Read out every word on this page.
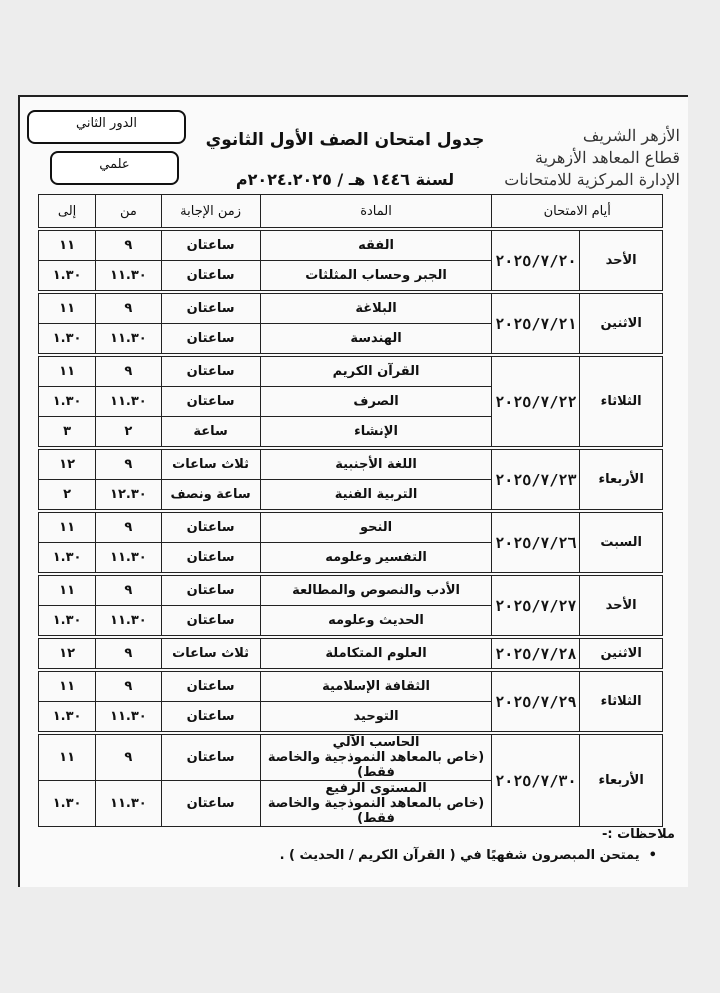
الأزهر الشريف
قطاع المعاهد الأزهرية
الإدارة المركزية للامتحانات
الدور الثاني
علمي
جدول امتحان الصف الأول الثانوي
لسنة ١٤٤٦ هـ / ٢٠٢٤.٢٠٢٥م
أيام الامتحان		المادة	زمن الإجابة	من	إلى
الأحد	٢٠٢٥/٧/٢٠	الفقه	ساعتان	٩	١١

		الجبر وحساب المثلثات	ساعتان	١١.٣٠	١.٣٠
الاثنين	٢٠٢٥/٧/٢١	البلاغة	ساعتان	٩	١١

		الهندسة	ساعتان	١١.٣٠	١.٣٠
الثلاثاء	٢٠٢٥/٧/٢٢	القرآن الكريم	ساعتان	٩	١١

		الصرف	ساعتان	١١.٣٠	١.٣٠

		الإنشاء	ساعة	٢	٣
الأربعاء	٢٠٢٥/٧/٢٣	اللغة الأجنبية	ثلاث ساعات	٩	١٢

		التربية الفنية	ساعة ونصف	١٢.٣٠	٢
السبت	٢٠٢٥/٧/٢٦	النحو	ساعتان	٩	١١

		التفسير وعلومه	ساعتان	١١.٣٠	١.٣٠
الأحد	٢٠٢٥/٧/٢٧	الأدب والنصوص والمطالعة	ساعتان	٩	١١

		الحديث وعلومه	ساعتان	١١.٣٠	١.٣٠
الاثنين	٢٠٢٥/٧/٢٨	العلوم المتكاملة	ثلاث ساعات	٩	١٢
الثلاثاء	٢٠٢٥/٧/٢٩	الثقافة الإسلامية	ساعتان	٩	١١

		التوحيد	ساعتان	١١.٣٠	١.٣٠
الأربعاء	٢٠٢٥/٧/٣٠	الحاسب الآلي
(خاص بالمعاهد النموذجية والخاصة فقط)	ساعتان	٩	١١

		المستوى الرفيع
(خاص بالمعاهد النموذجية والخاصة فقط)	ساعتان	١١.٣٠	١.٣٠
ملاحظات :-
•  يمتحن المبصرون شفهيًا في ( القرآن الكريم / الحديث ) .
